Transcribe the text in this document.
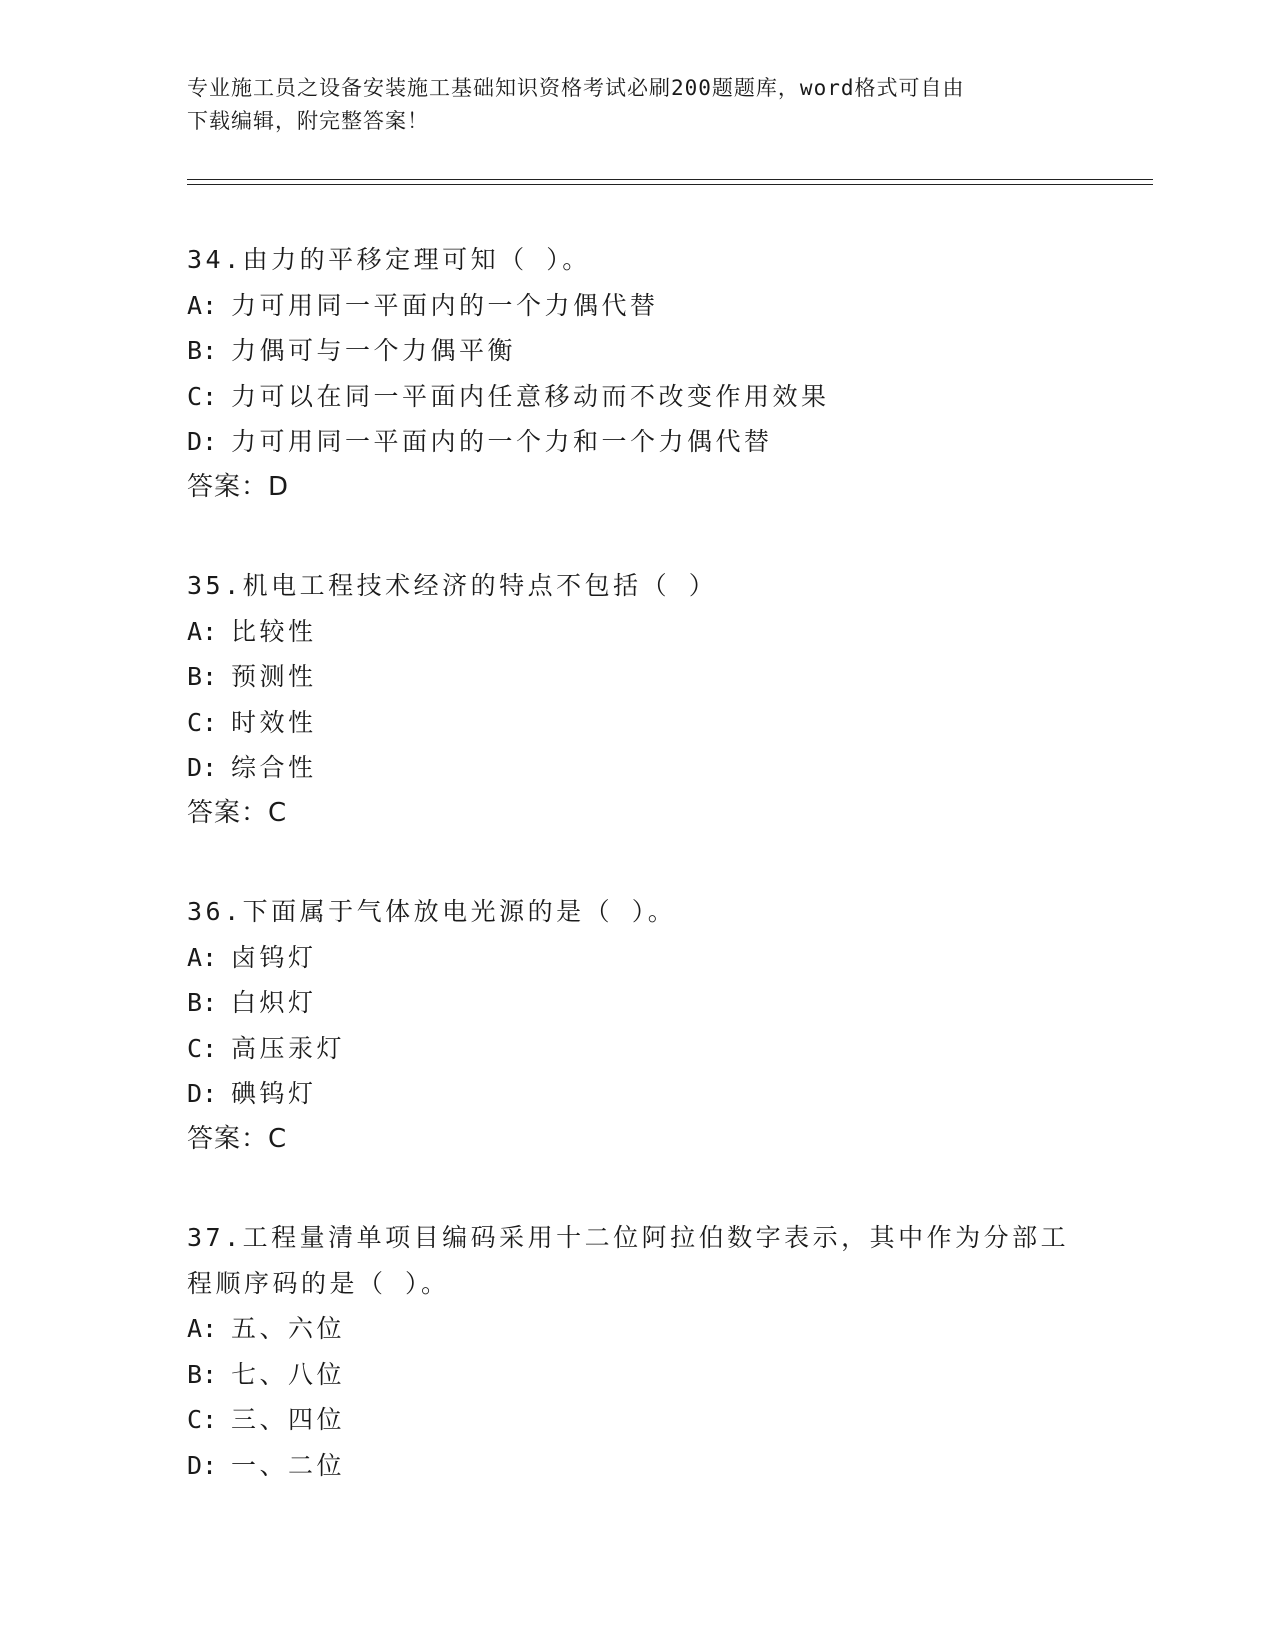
专业施工员之设备安装施工基础知识资格考试必刷200题题库，word格式可自由
下载编辑，附完整答案！
34.由力的平移定理可知（ ）。
A: 力可用同一平面内的一个力偶代替
B: 力偶可与一个力偶平衡
C: 力可以在同一平面内任意移动而不改变作用效果
D: 力可用同一平面内的一个力和一个力偶代替
答案：D
35.机电工程技术经济的特点不包括（ ）
A: 比较性
B: 预测性
C: 时效性
D: 综合性
答案：C
36.下面属于气体放电光源的是（ ）。
A: 卤钨灯
B: 白炽灯
C: 高压汞灯
D: 碘钨灯
答案：C
37.工程量清单项目编码采用十二位阿拉伯数字表示，其中作为分部工
程顺序码的是（ ）。
A: 五、六位
B: 七、八位
C: 三、四位
D: 一、二位
